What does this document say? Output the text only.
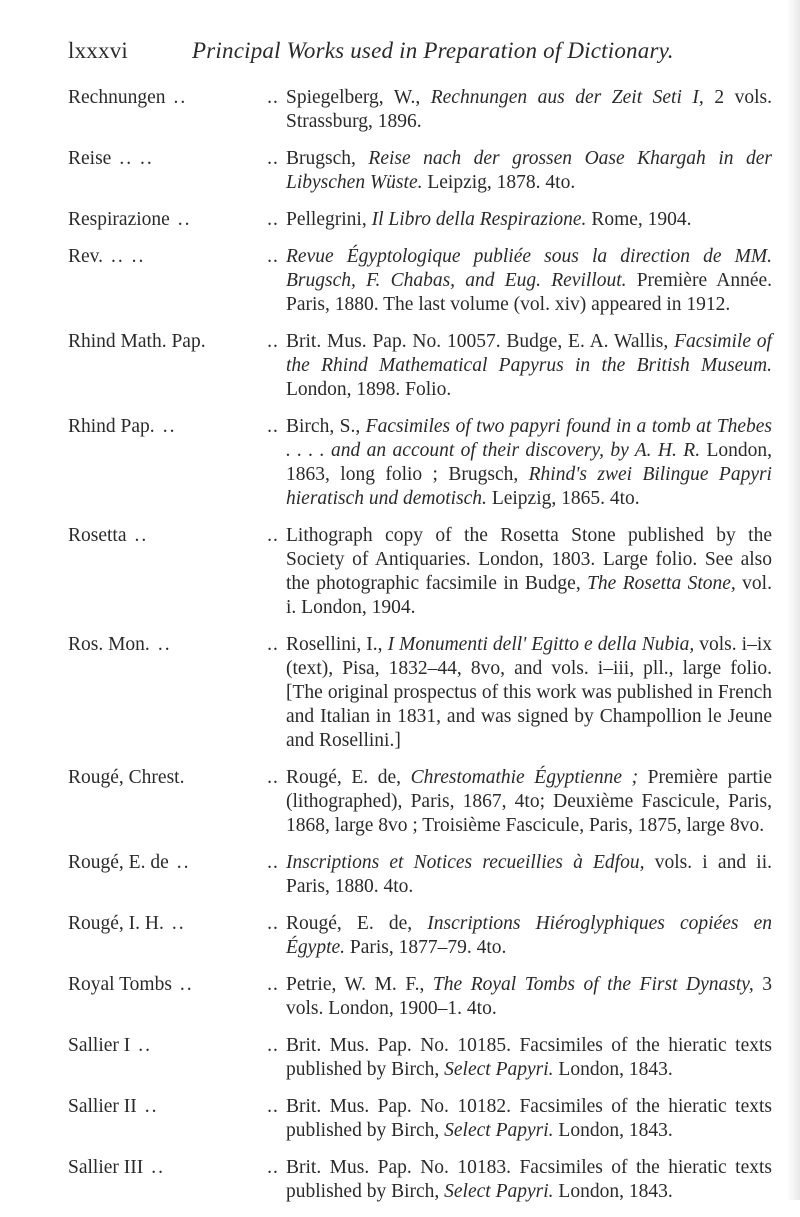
lxxxvi	Principal Works used in Preparation of Dictionary.
Rechnungen ..	.. Spiegelberg, W., Rechnungen aus der Zeit Seti I, 2 vols. Strassburg, 1896.
Reise .. ..	.. Brugsch, Reise nach der grossen Oase Khargah in der Libyschen Wüste. Leipzig, 1878. 4to.
Respirazione ..	.. Pellegrini, Il Libro della Respirazione. Rome, 1904.
Rev. .. ..	.. Revue Égyptologique publiée sous la direction de MM. Brugsch, F. Chabas, and Eug. Revillout. Première Année. Paris, 1880. The last volume (vol. xiv) appeared in 1912.
Rhind Math. Pap.	.. Brit. Mus. Pap. No. 10057. Budge, E. A. Wallis, Facsimile of the Rhind Mathematical Papyrus in the British Museum. London, 1898. Folio.
Rhind Pap. ..	.. Birch, S., Facsimiles of two papyri found in a tomb at Thebes . . . . and an account of their discovery, by A. H. R. London, 1863, long folio ; Brugsch, Rhind's zwei Bilingue Papyri hieratisch und demotisch. Leipzig, 1865. 4to.
Rosetta ..	.. Lithograph copy of the Rosetta Stone published by the Society of Antiquaries. London, 1803. Large folio. See also the photographic facsimile in Budge, The Rosetta Stone, vol. i. London, 1904.
Ros. Mon. ..	.. Rosellini, I., I Monumenti dell' Egitto e della Nubia, vols. i–ix (text), Pisa, 1832–44, 8vo, and vols. i–iii, pll., large folio. [The original prospectus of this work was published in French and Italian in 1831, and was signed by Champollion le Jeune and Rosellini.]
Rougé, Chrest.	.. Rougé, E. de, Chrestomathie Égyptienne ; Première partie (lithographed), Paris, 1867, 4to; Deuxième Fascicule, Paris, 1868, large 8vo ; Troisième Fascicule, Paris, 1875, large 8vo.
Rougé, E. de ..	.. Inscriptions et Notices recueillies à Edfou, vols. i and ii. Paris, 1880. 4to.
Rougé, I. H. ..	.. Rougé, E. de, Inscriptions Hiéroglyphiques copiées en Égypte. Paris, 1877–79. 4to.
Royal Tombs ..	.. Petrie, W. M. F., The Royal Tombs of the First Dynasty, 3 vols. London, 1900–1. 4to.
Sallier I ..	.. Brit. Mus. Pap. No. 10185. Facsimiles of the hieratic texts published by Birch, Select Papyri. London, 1843.
Sallier II ..	.. Brit. Mus. Pap. No. 10182. Facsimiles of the hieratic texts published by Birch, Select Papyri. London, 1843.
Sallier III ..	.. Brit. Mus. Pap. No. 10183. Facsimiles of the hieratic texts published by Birch, Select Papyri. London, 1843.
